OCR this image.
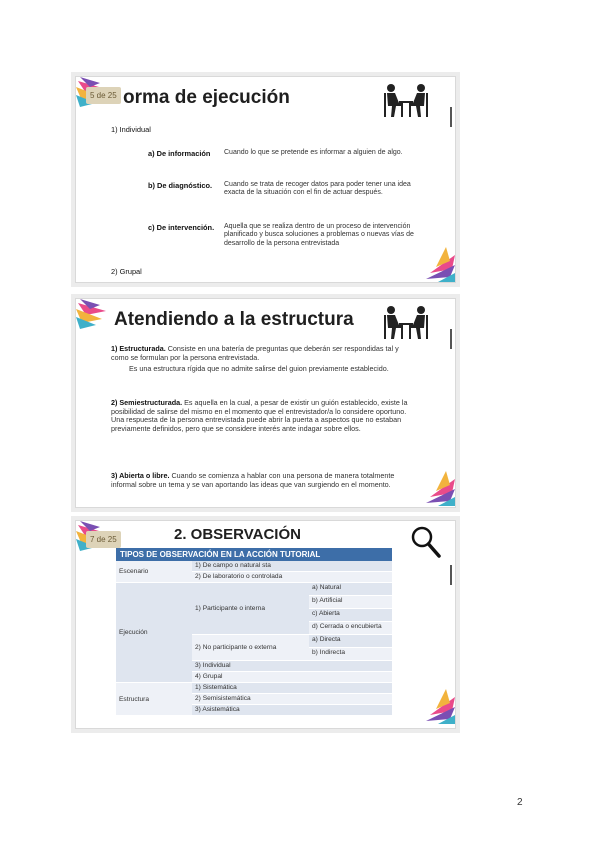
5 de 25 orma de ejecución
1) Individual
a) De información Cuando lo que se pretende es informar a alguien de algo.
b) De diagnóstico. Cuando se trata de recoger datos para poder tener una idea exacta de la situación con el fin de actuar después.
c) De intervención. Aquella que se realiza dentro de un proceso de intervención planificado y busca soluciones a problemas o nuevas vías de desarrollo de la persona entrevistada
2) Grupal
Atendiendo a la estructura
1) Estructurada. Consiste en una batería de preguntas que deberán ser respondidas tal y como se formulan por la persona entrevistada.
Es una estructura rígida que no admite salirse del guion previamente establecido.
2) Semiestructurada. Es aquella en la cual, a pesar de existir un guión establecido, existe la posibilidad de salirse del mismo en el momento que el entrevistador/a lo considere oportuno. Una respuesta de la persona entrevistada puede abrir la puerta a aspectos que no estaban previamente definidos, pero que se considere interés ante indagar sobre ellos.
3) Abierta o libre. Cuando se comienza a hablar con una persona de manera totalmente informal sobre un tema y se van aportando las ideas que van surgiendo en el momento.
7 de 25	2. OBSERVACIÓN
TIPOS DE OBSERVACIÓN EN LA ACCIÓN TUTORIAL
Escenario
1) De campo o natural sta
2) De laboratorio o controlada
Ejecución
1) Participante o interna
a) Natural
b) Artificial
c) Abierta
d) Cerrada o encubierta
2) No participante o externa
a) Directa
b) Indirecta
3) Individual
4) Grupal
Estructura
1) Sistemática
2) Semisistemática
3) Asistemática
2
